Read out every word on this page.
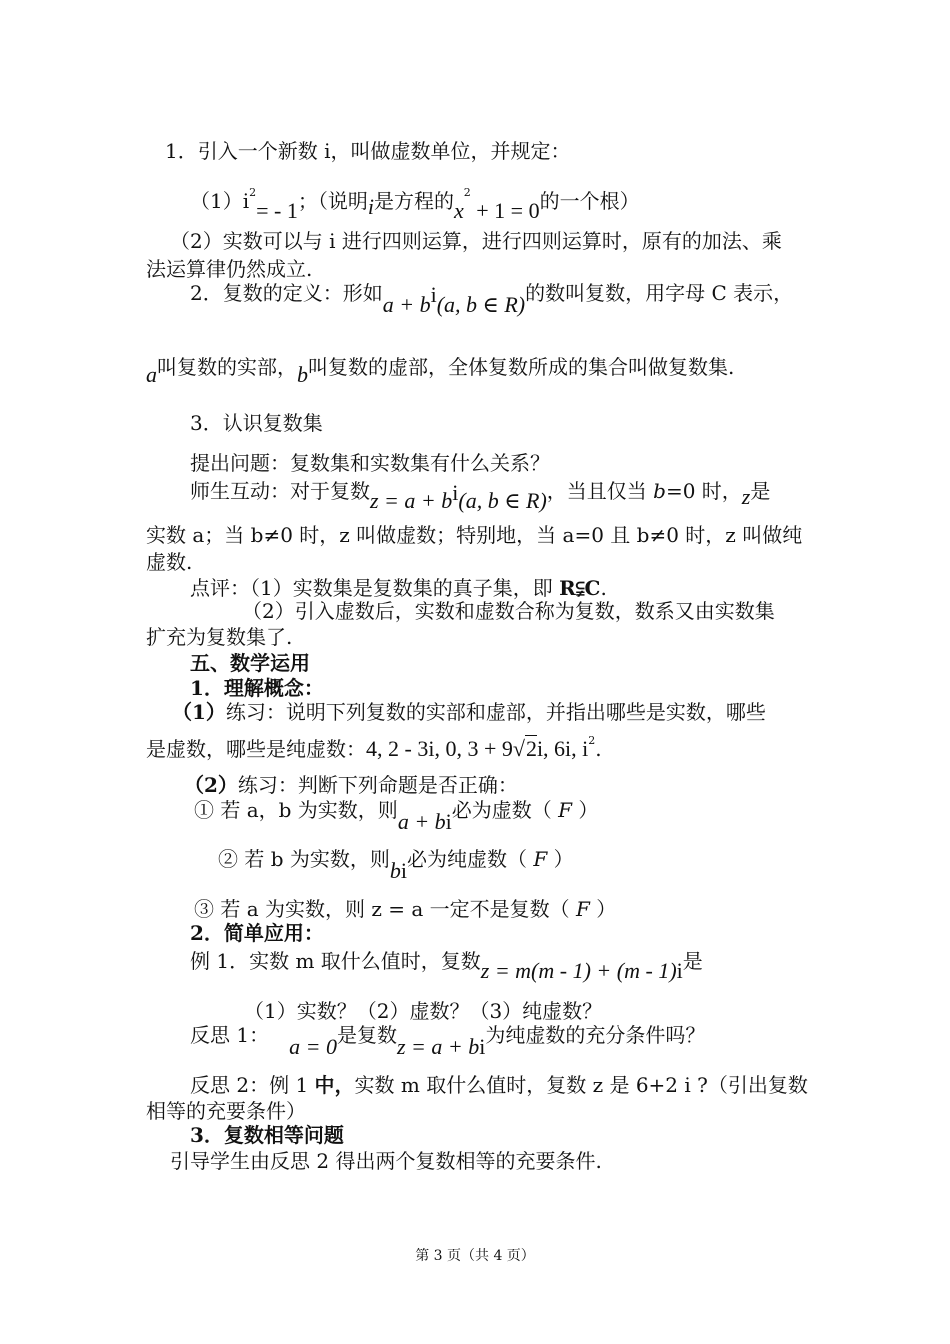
1．引入一个新数 i，叫做虚数单位，并规定：
$(1)i^2= - 1$；（说明i是方程的$x^2 + 1 = 0$的一个根）
（2）实数可以与 i 进行四则运算，进行四则运算时，原有的加法、乘
法运算律仍然成立.
2．复数的定义：形如a + bi(a, b ∈ R)的数叫复数，用字母 C 表示，
a叫复数的实部，b叫复数的虚部，全体复数所成的集合叫做复数集.
3．认识复数集
提出问题：复数集和实数集有什么关系？
师生互动：对于复数z = a + bi(a, b ∈ R)，当且仅当 b=0 时，z是
实数 a；当 b≠0 时，z 叫做虚数；特别地，当 a=0 且 b≠0 时，z 叫做纯
虚数.
点评：（1）实数集是复数集的真子集，即 R⫋C.
（2）引入虚数后，实数和虚数合称为复数，数系又由实数集
扩充为复数集了.
五、数学运用
1．理解概念：
（1）练习：说明下列复数的实部和虚部，并指出哪些是实数，哪些
是虚数，哪些是纯虚数：4, 2 - 3i, 0, 3 + 9√2i, 6i, $i^2$.
（2）练习：判断下列命题是否正确：
① 若 a，b 为实数，则a + bi必为虚数（ F ）
② 若 b 为实数，则bi必为纯虚数（ F ）
③ 若 a 为实数，则 z = a 一定不是复数（ F ）
2．简单应用：
例 1．实数 m 取什么值时，复数z = m(m - 1) + (m - 1)i是
（1）实数？（2）虚数？（3）纯虚数？
反思 1： a = 0是复数z = a + bi为纯虚数的充分条件吗？
反思 2：例 1 中，实数 m 取什么值时，复数 z 是 6+2 i ?（引出复数
相等的充要条件）
3．复数相等问题
引导学生由反思 2 得出两个复数相等的充要条件.
第 3 页（共 4 页）
